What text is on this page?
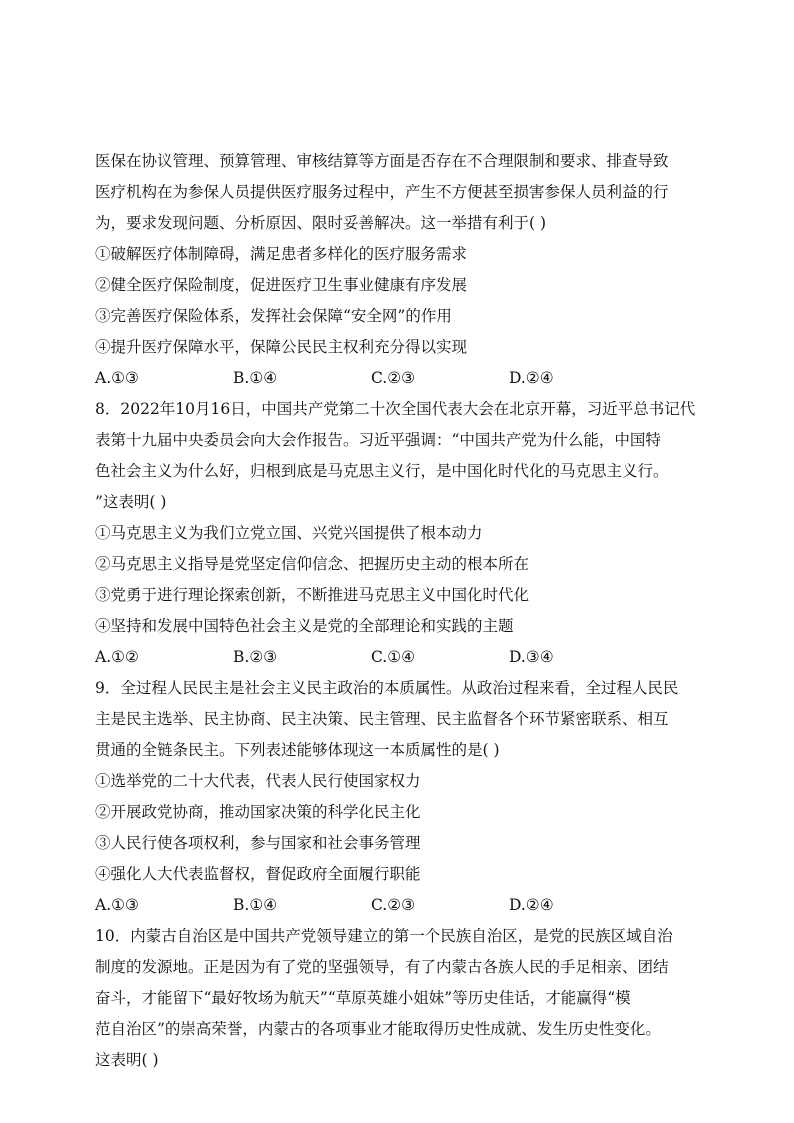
医保在协议管理、预算管理、审核结算等方面是否存在不合理限制和要求、排查导致
医疗机构在为参保人员提供医疗服务过程中，产生不方便甚至损害参保人员利益的行
为，要求发现问题、分析原因、限时妥善解决。这一举措有利于( )
①破解医疗体制障碍，满足患者多样化的医疗服务需求
②健全医疗保险制度，促进医疗卫生事业健康有序发展
③完善医疗保险体系，发挥社会保障“安全网”的作用
④提升医疗保障水平，保障公民民主权利充分得以实现
A.①③	B.①④	C.②③	D.②④
8．2022年10月16日，中国共产党第二十次全国代表大会在北京开幕，习近平总书记代
表第十九届中央委员会向大会作报告。习近平强调：“中国共产党为什么能，中国特
色社会主义为什么好，归根到底是马克思主义行，是中国化时代化的马克思主义行。
”这表明( )
①马克思主义为我们立党立国、兴党兴国提供了根本动力
②马克思主义指导是党坚定信仰信念、把握历史主动的根本所在
③党勇于进行理论探索创新，不断推进马克思主义中国化时代化
④坚持和发展中国特色社会主义是党的全部理论和实践的主题
A.①②	B.②③	C.①④	D.③④
9．全过程人民民主是社会主义民主政治的本质属性。从政治过程来看，全过程人民民
主是民主选举、民主协商、民主决策、民主管理、民主监督各个环节紧密联系、相互
贯通的全链条民主。下列表述能够体现这一本质属性的是( )
①选举党的二十大代表，代表人民行使国家权力
②开展政党协商，推动国家决策的科学化民主化
③人民行使各项权利，参与国家和社会事务管理
④强化人大代表监督权，督促政府全面履行职能
A.①③	B.①④	C.②③	D.②④
10．内蒙古自治区是中国共产党领导建立的第一个民族自治区，是党的民族区域自治
制度的发源地。正是因为有了党的坚强领导，有了内蒙古各族人民的手足相亲、团结
奋斗，才能留下“最好牧场为航天”“草原英雄小姐妹”等历史佳话，才能赢得“模
范自治区”的崇高荣誉，内蒙古的各项事业才能取得历史性成就、发生历史性变化。
这表明( )
